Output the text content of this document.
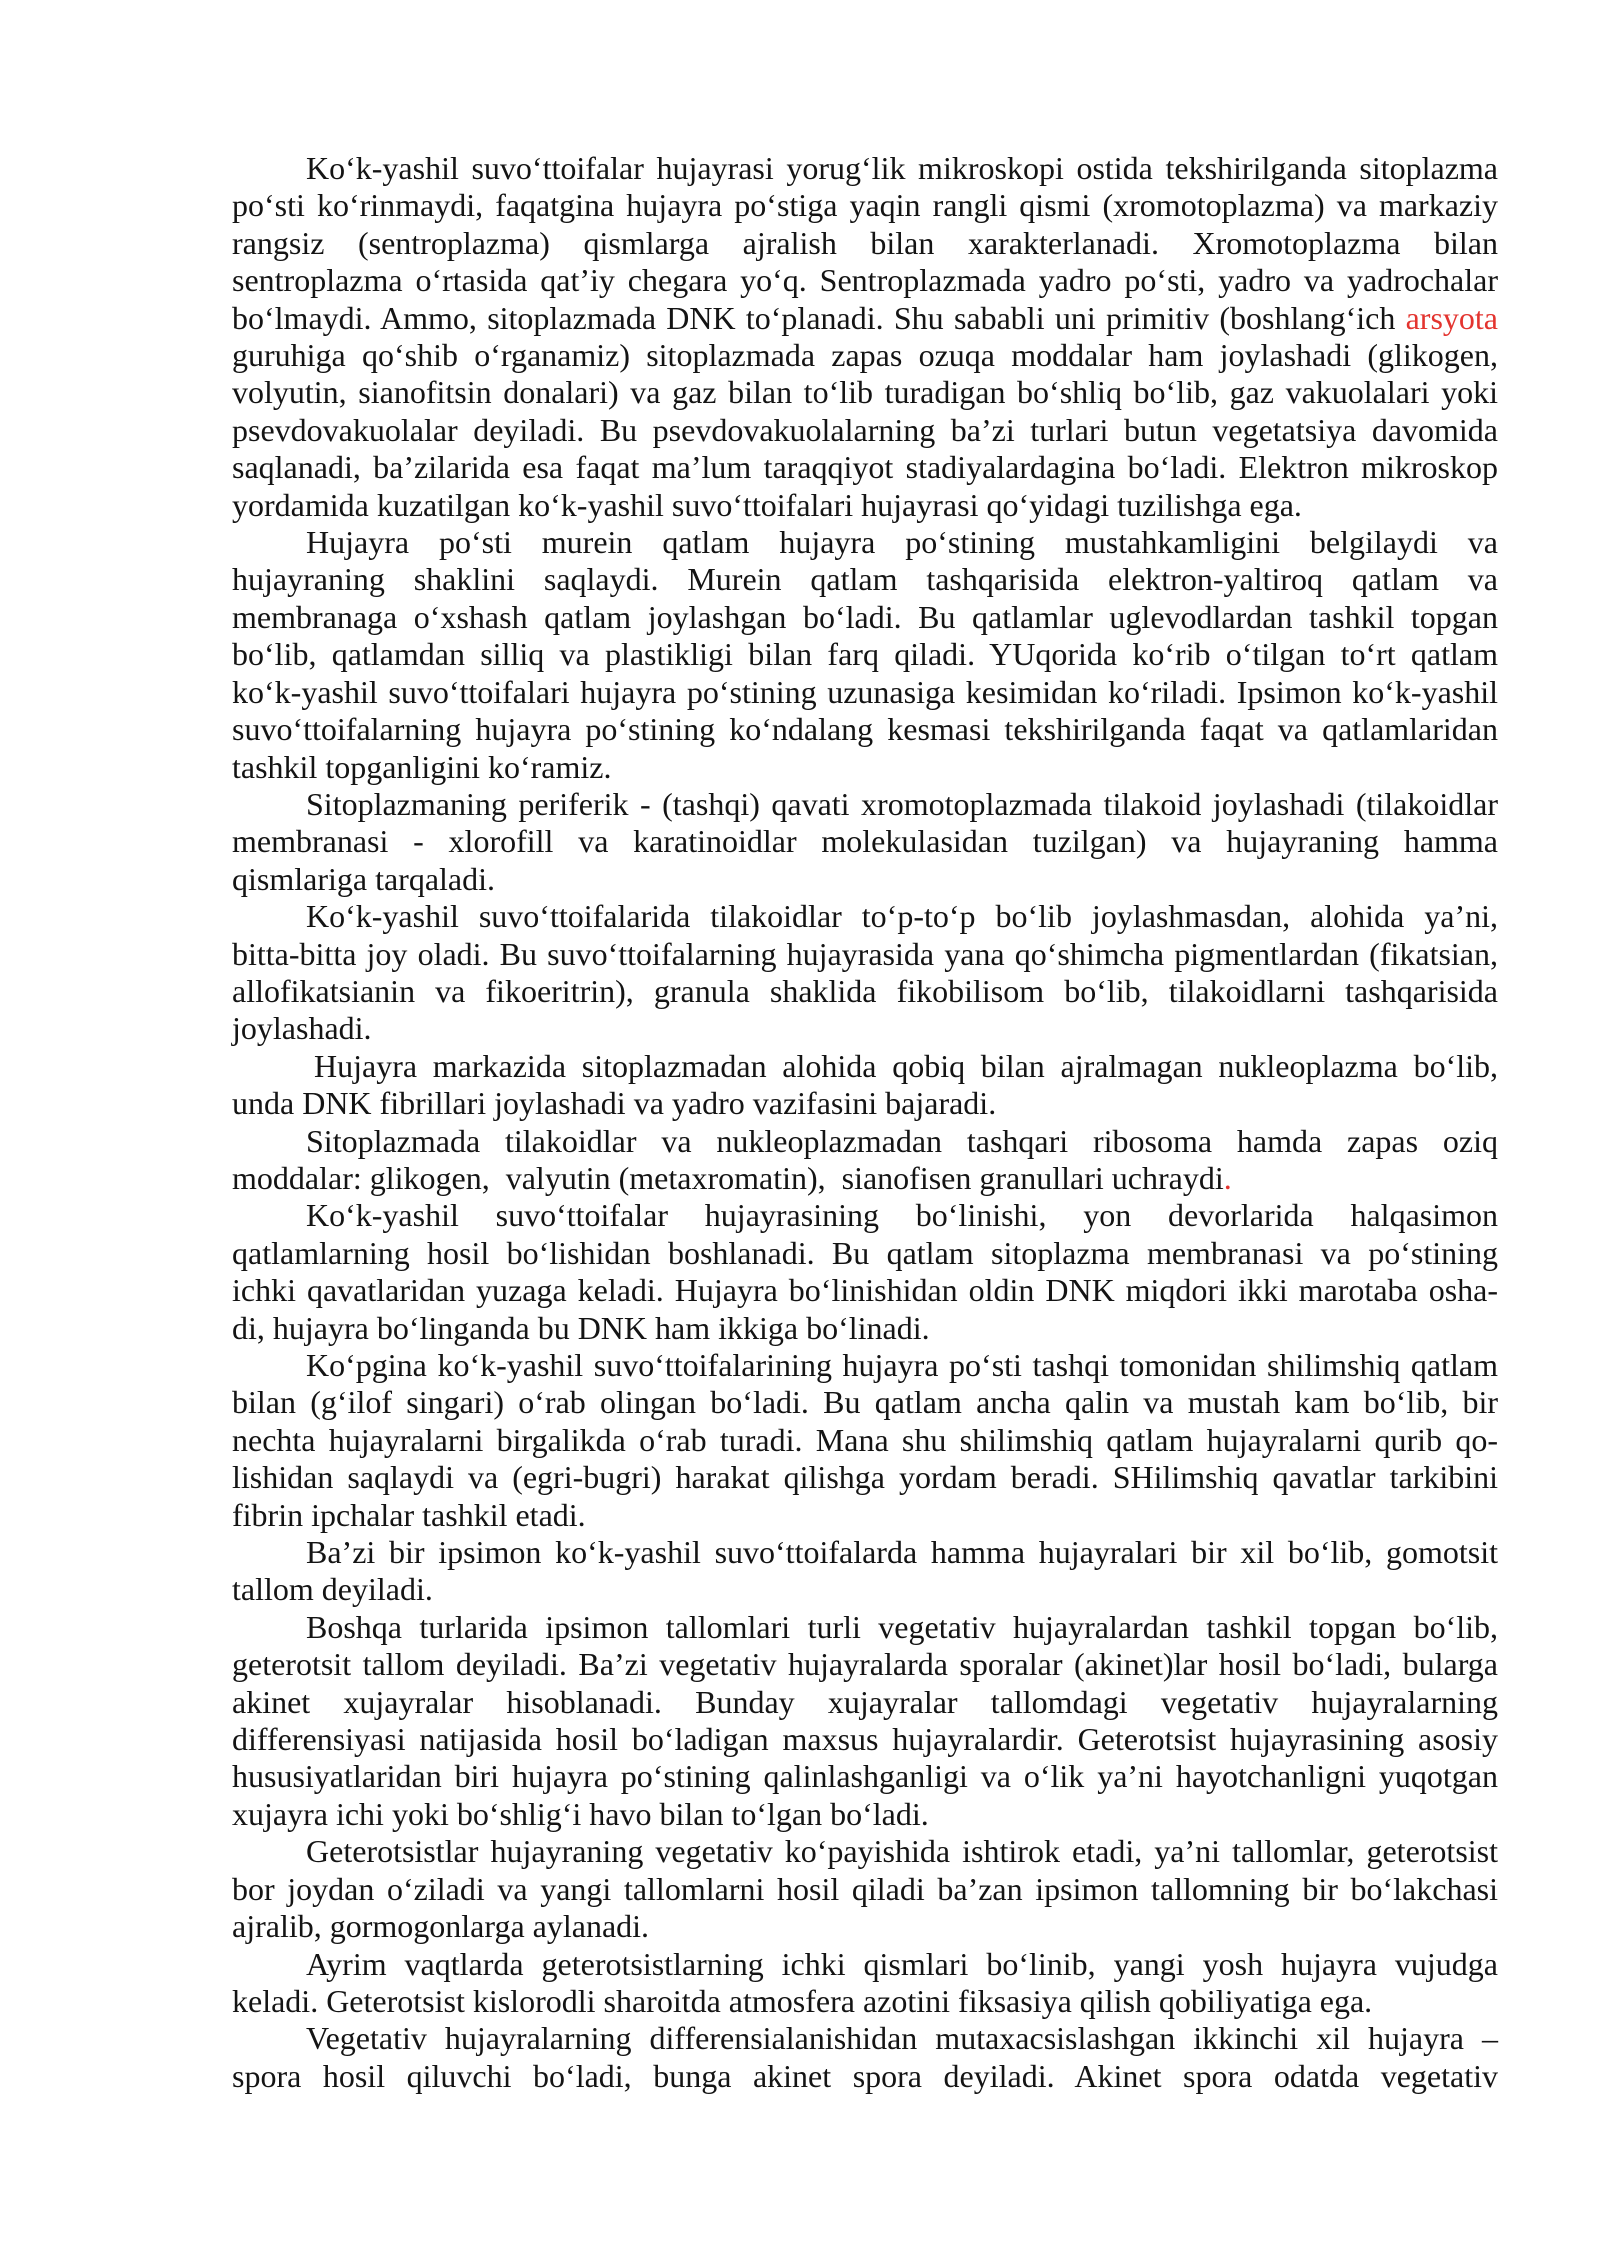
Ko‘k-yashil suvo‘ttoifalar hujayrasi yorug‘lik mikroskopi ostida tekshirilganda sitoplazma
po‘sti ko‘rinmaydi, faqatgina hujayra po‘stiga yaqin rangli qismi (xromotoplazma) va markaziy
rangsiz (sentroplazma) qismlarga ajralish bilan xarakterlanadi. Xromotoplazma bilan
sentroplazma o‘rtasida qat’iy chegara yo‘q. Sentroplazmada yadro po‘sti, yadro va yadrochalar
bo‘lmaydi. Ammo, sitoplazmada DNK to‘planadi. Shu sababli uni primitiv (boshlang‘ich arsyota
guruhiga qo‘shib o‘rganamiz) sitoplazmada zapas ozuqa moddalar ham joylashadi (glikogen,
volyutin, sianofitsin donalari) va gaz bilan to‘lib turadigan bo‘shliq bo‘lib, gaz vakuolalari yoki
psevdovakuolalar deyiladi. Bu psevdovakuolalarning ba’zi turlari butun vegetatsiya davomida
saqlanadi, ba’zilarida esa faqat ma’lum taraqqiyot stadiyalardagina bo‘ladi. Elektron mikroskop
yordamida kuzatilgan ko‘k-yashil suvo‘ttoifalari hujayrasi qo‘yidagi tuzilishga ega.
Hujayra po‘sti murein qatlam hujayra po‘stining mustahkamligini belgilaydi va
hujayraning shaklini saqlaydi. Murein qatlam tashqarisida elektron-yaltiroq qatlam va
membranaga o‘xshash qatlam joylashgan bo‘ladi. Bu qatlamlar uglevodlardan tashkil topgan
bo‘lib, qatlamdan silliq va plastikligi bilan farq qiladi. YUqorida ko‘rib o‘tilgan to‘rt qatlam
ko‘k-yashil suvo‘ttoifalari hujayra po‘stining uzunasiga kesimidan ko‘riladi. Ipsimon ko‘k-yashil
suvo‘ttoifalarning hujayra po‘stining ko‘ndalang kesmasi tekshirilganda faqat va qatlamlaridan
tashkil topganligini ko‘ramiz.
Sitoplazmaning periferik - (tashqi) qavati xromotoplazmada tilakoid joylashadi (tilakoidlar
membranasi - xlorofill va karatinoidlar molekulasidan tuzilgan) va hujayraning hamma
qismlariga tarqaladi.
Ko‘k-yashil suvo‘ttoifalarida tilakoidlar to‘p-to‘p bo‘lib joylashmasdan, alohida ya’ni,
bitta-bitta joy oladi. Bu suvo‘ttoifalarning hujayrasida yana qo‘shimcha pigmentlardan (fikatsian,
allofikatsianin va fikoeritrin), granula shaklida fikobilisom bo‘lib, tilakoidlarni tashqarisida
joylashadi.
Hujayra markazida sitoplazmadan alohida qobiq bilan ajralmagan nukleoplazma bo‘lib,
unda DNK fibrillari joylashadi va yadro vazifasini bajaradi.
Sitoplazmada tilakoidlar va nukleoplazmadan tashqari ribosoma hamda zapas oziq
moddalar: glikogen,  valyutin (metaxromatin),  sianofisen granullari uchraydi.
Ko‘k-yashil suvo‘ttoifalar hujayrasining bo‘linishi, yon devorlarida halqasimon
qatlamlarning hosil bo‘lishidan boshlanadi. Bu qatlam sitoplazma membranasi va po‘stining
ichki qavatlaridan yuzaga keladi. Hujayra bo‘linishidan oldin DNK miqdori ikki marotaba osha-
di, hujayra bo‘linganda bu DNK ham ikkiga bo‘linadi.
Ko‘pgina ko‘k-yashil suvo‘ttoifalarining hujayra po‘sti tashqi tomonidan shilimshiq qatlam
bilan (g‘ilof singari) o‘rab olingan bo‘ladi. Bu qatlam ancha qalin va mustah kam bo‘lib, bir
nechta hujayralarni birgalikda o‘rab turadi. Mana shu shilimshiq qatlam hujayralarni qurib qo-
lishidan saqlaydi va (egri-bugri) harakat qilishga yordam beradi. SHilimshiq qavatlar tarkibini
fibrin ipchalar tashkil etadi.
Ba’zi bir ipsimon ko‘k-yashil suvo‘ttoifalarda hamma hujayralari bir xil bo‘lib, gomotsit
tallom deyiladi.
Boshqa turlarida ipsimon tallomlari turli vegetativ hujayralardan tashkil topgan bo‘lib,
geterotsit tallom deyiladi. Ba’zi vegetativ hujayralarda sporalar (akinet)lar hosil bo‘ladi, bularga
akinet xujayralar hisoblanadi. Bunday xujayralar tallomdagi vegetativ hujayralarning
differensiyasi natijasida hosil bo‘ladigan maxsus hujayralardir. Geterotsist hujayrasining asosiy
hususiyatlaridan biri hujayra po‘stining qalinlashganligi va o‘lik ya’ni hayotchanligni yuqotgan
xujayra ichi yoki bo‘shlig‘i havo bilan to‘lgan bo‘ladi.
Geterotsistlar hujayraning vegetativ ko‘payishida ishtirok etadi, ya’ni tallomlar, geterotsist
bor joydan o‘ziladi va yangi tallomlarni hosil qiladi ba’zan ipsimon tallomning bir bo‘lakchasi
ajralib, gormogonlarga aylanadi.
Ayrim vaqtlarda geterotsistlarning ichki qismlari bo‘linib, yangi yosh hujayra vujudga
keladi. Geterotsist kislorodli sharoitda atmosfera azotini fiksasiya qilish qobiliyatiga ega.
Vegetativ hujayralarning differensialanishidan mutaxacsislashgan ikkinchi xil hujayra –
spora hosil qiluvchi bo‘ladi, bunga akinet spora deyiladi. Akinet spora odatda vegetativ
